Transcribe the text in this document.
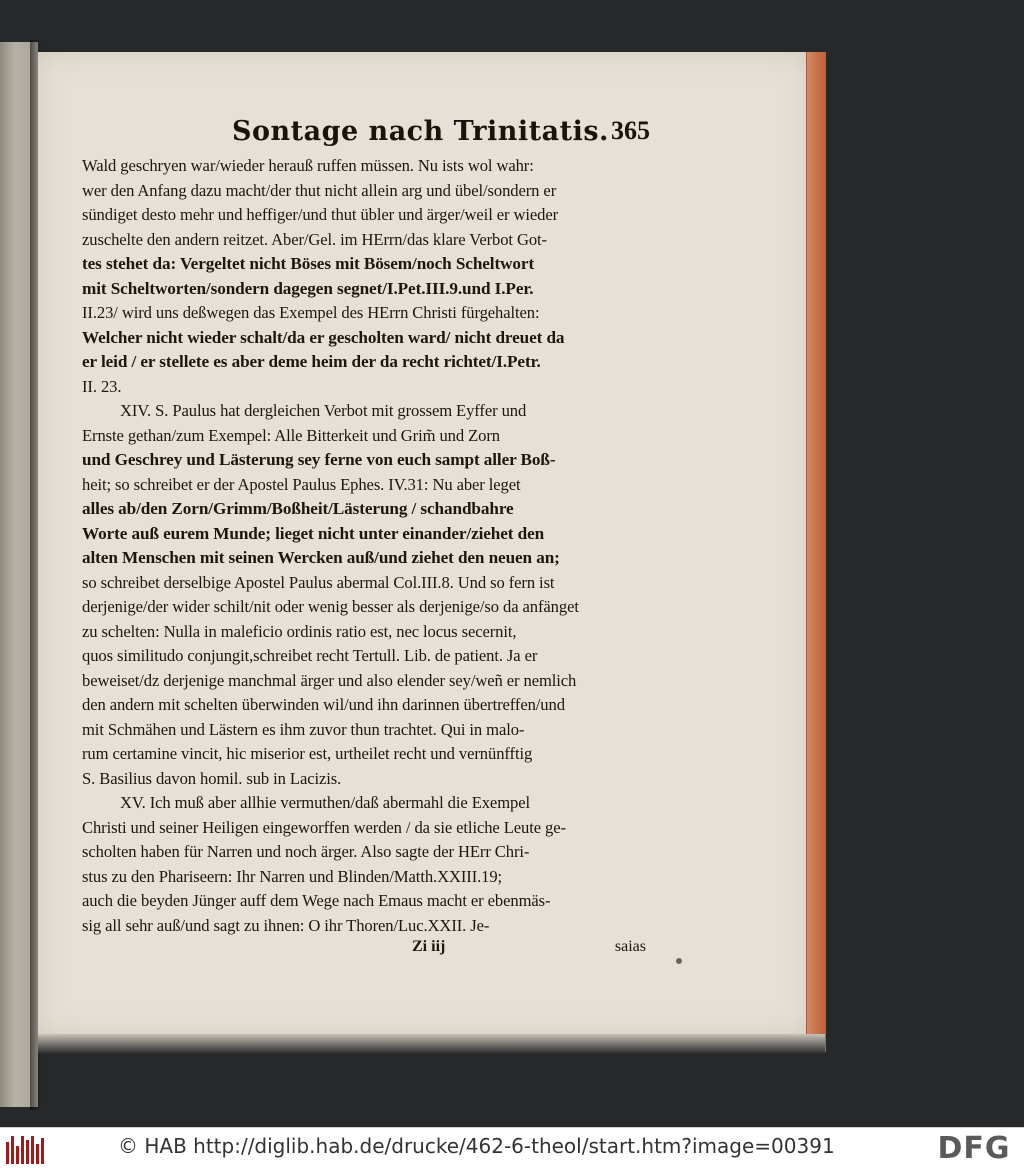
Sontage nach Trinitatis. 365
Wald geschryen war/wieder herauß ruffen müssen. Nu ists wol wahr:
wer den Anfang dazu macht/der thut nicht allein arg und übel/sondern er
sündiget desto mehr und heffiger/und thut übler und ärger/weil er wieder
zuschelte den andern reitzet. Aber/Gel. im HErrn/das klare Verbot Got-
tes stehet da: Vergeltet nicht Böses mit Bösem/noch Scheltwort
mit Scheltworten/sondern dagegen segnet/I.Pet.III.9.und I.Per.
II.23/ wird uns deßwegen das Exempel des HErrn Christi fürgehalten:
Welcher nicht wieder schalt/da er gescholten ward/ nicht dreuet da
er leid / er stellete es aber deme heim der da recht richtet/I.Petr.
II. 23.
XIV. S. Paulus hat dergleichen Verbot mit grossem Eyffer und
Ernste gethan/zum Exempel: Alle Bitterkeit und Grim̃ und Zorn
und Geschrey und Lästerung sey ferne von euch sampt aller Boß-
heit; so schreibet er der Apostel Paulus Ephes. IV.31: Nu aber leget
alles ab/den Zorn/Grimm/Boßheit/Lästerung / schandbahre
Worte auß eurem Munde; lieget nicht unter einander/ziehet den
alten Menschen mit seinen Wercken auß/und ziehet den neuen an;
so schreibet derselbige Apostel Paulus abermal Col.III.8. Und so fern ist
derjenige/der wider schilt/nit oder wenig besser als derjenige/so da anfänget
zu schelten: Nulla in maleficio ordinis ratio est, nec locus secernit,
quos similitudo conjungit,schreibet recht Tertull. Lib. de patient. Ja er
beweiset/dz derjenige manchmal ärger und also elender sey/weñ er nemlich
den andern mit schelten überwinden wil/und ihn darinnen übertreffen/und
mit Schmähen und Lästern es ihm zuvor thun trachtet. Qui in malo-
rum certamine vincit, hic miserior est, urtheilet recht und vernünfftig
S. Basilius davon homil. sub in Lacizis.
XV. Ich muß aber allhie vermuthen/daß abermahl die Exempel
Christi und seiner Heiligen eingeworffen werden / da sie etliche Leute ge-
scholten haben für Narren und noch ärger. Also sagte der HErr Chri-
stus zu den Phariseern: Ihr Narren und Blinden/Matth.XXIII.19;
auch die beyden Jünger auff dem Wege nach Emaus macht er ebenmäs-
sig all sehr auß/und sagt zu ihnen: O ihr Thoren/Luc.XXII. Je-
Zi iij	saias
© HAB http://diglib.hab.de/drucke/462-6-theol/start.htm?image=00391	DFG
